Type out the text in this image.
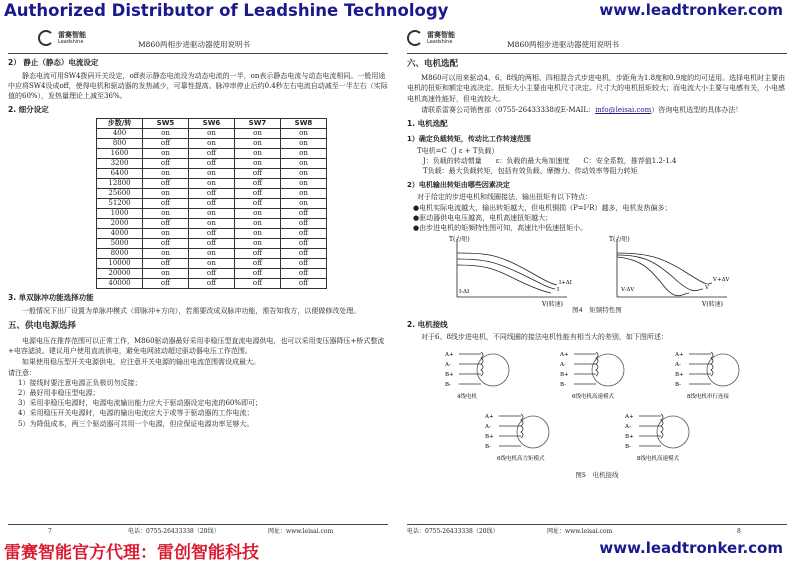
Authorized Distributor of Leadshine Technology	www.leadtronker.com
雷赛智能
Leadshine	M860两相步进驱动器使用说明书
2） 静止（静态）电流设定

静态电流可用SW4拨码开关设定，off表示静态电流设为动态电流的一半，on表示静态电流与动态电流相同。一般用途中应将SW4设成off，使得电机和驱动器的发热减少，可靠性提高。脉冲串停止后约0.4秒左右电流自动减至一半左右（实际值的60%），发热量理论上减至36%。

2. 细分设定
步数/转	SW5	SW6	SW7	SW8
400	on	on	on	on
800	off	on	on	on
1600	on	off	on	on
3200	off	off	on	on
6400	on	on	off	on
12800	off	on	off	on
25600	on	off	off	on
51200	off	off	off	on
1000	on	on	on	off
2000	off	on	on	off
4000	on	off	on	off
5000	off	off	on	off
8000	on	on	off	off
10000	off	on	off	off
20000	on	off	off	off
40000	off	off	off	off
3. 单双脉冲功能选择功能

一般情况下出厂设置为单脉冲模式（即脉冲+方向），若需要改成双脉冲功能，需告知我方，以便做修改处理。

五、供电电源选择

电源电压在推荐范围可以正常工作，M860驱动器最好采用非稳压型直流电源供电，也可以采用变压器降压+桥式整流+电容滤波。建议用户使用直流供电，避免电网波动超过驱动器电压工作范围。

如果使用稳压型开关电源供电，应注意开关电源的输出电流范围需设成最大。

请注意：
1）接线时要注意电源正负极切勿反接；
2）最好用非稳压型电源；
3）采用非稳压电源时，电源电流输出能力应大于驱动器设定电流的60%即可；
4）采用稳压开关电源时，电源的输出电流应大于或等于驱动器的工作电流；
5）为降低成本，两三个驱动器可共用一个电源，但应保证电源功率足够大。
7	电话：0755-26433338（20线）	网址：www.leisai.com
雷赛智能
Leadshine	M860两相步进驱动器使用说明书
六、电机选配

M860可以用来驱动4、6、8线的两相、四相混合式步进电机，步距角为1.8度和0.9度的均可适用。选择电机时主要由电机的扭矩和额定电流决定。扭矩大小主要由电机尺寸决定。尺寸大的电机扭矩较大；而电流大小主要与电感有关，小电感电机高速性能好，但电流较大。

请联系雷赛公司销售部（0755-26433338或E-MAIL：info@leisai.com）咨询电机选型的具体办法！

1. 电机选配
1）确定负载转矩，传动比工作转速范围
T电机=C（J ε + T负载）
J：负载的转动惯量　　ε：负载的最大角加速度　　C：安全系数，推荐值1.2-1.4
T负载：最大负载转矩，包括有效负载、摩擦力、传动效率等阻力转矩
2）电机输出转矩由哪些因素决定
对于给定的步进电机和线圈接法，输出扭矩有以下特点：
●电机实际电流越大，输出转矩越大，但电机铜损（P=I²R）越多，电机发热偏多；
●驱动器供电电压越高，电机高速扭矩越大；
●由步进电机的矩频特性图可知，高速比中低速扭矩小。
T(力矩)
V(转速)
I+ΔI
I
I-ΔI
T(力矩)
V(转速)
V+ΔV
V
V-ΔV
图4　矩频特性图
2. 电机接线

对于6、8线步进电机，不同线圈的接法电机性能有相当大的差别，如下图所述：

A+
A-
B+
B-
4线电机
A+
A-
B+
B-
6线电机高速模式
A+
A-
B+
B-
8线电机串行连接
A+
A-
B+
B-
6线电机高力矩模式
A+
A-
B+
B-
8线电机高速模式
图5　电机接线
电话：0755-26433338（20线）	网址：www.leisai.com	8
雷赛智能官方代理：雷创智能科技	www.leadtronker.com
